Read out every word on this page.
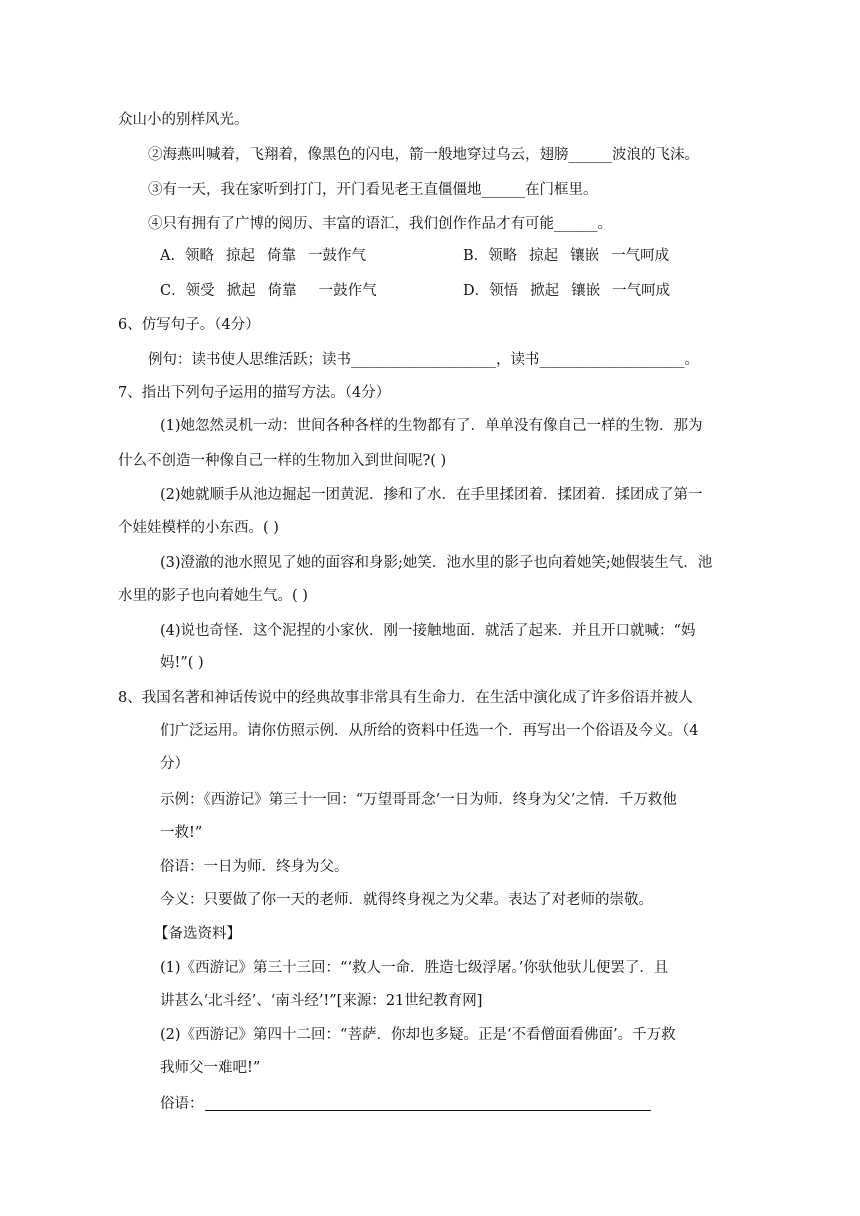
众山小的别样风光。
②海燕叫喊着，飞翔着，像黑色的闪电，箭一般地穿过乌云，翅膀______波浪的飞沫。
③有一天，我在家听到打门，开门看见老王直僵僵地______在门框里。
④只有拥有了广博的阅历、丰富的语汇，我们创作作品才有可能______。
A．领略 掠起 倚靠 一鼓作气	B．领略 掠起 镶嵌 一气呵成
C．领受 掀起 倚靠 一鼓作气	D．领悟 掀起 镶嵌 一气呵成
6、仿写句子。（4分）
例句：读书使人思维活跃；读书____________________，读书____________________。
7、指出下列句子运用的描写方法。（4分）
(1)她忽然灵机一动：世间各种各样的生物都有了．单单没有像自己一样的生物．那为
什么不创造一种像自己一样的生物加入到世间呢?( )
(2)她就顺手从池边掘起一团黄泥．掺和了水．在手里揉团着．揉团着．揉团成了第一
个娃娃模样的小东西。( )
(3)澄澈的池水照见了她的面容和身影;她笑．池水里的影子也向着她笑;她假装生气．池
水里的影子也向着她生气。( )
(4)说也奇怪．这个泥捏的小家伙．刚一接触地面．就活了起来．并且开口就喊：“妈
妈!”( )
8、我国名著和神话传说中的经典故事非常具有生命力．在生活中演化成了许多俗语并被人
们广泛运用。请你仿照示例．从所给的资料中任选一个．再写出一个俗语及今义。（4
分）
示例：《西游记》第三十一回：“万望哥哥念‘一日为师．终身为父’之情．千万救他
一救!”
俗语：一日为师．终身为父。
今义：只要做了你一天的老师．就得终身视之为父辈。表达了对老师的崇敬。
【备选资料】
(1)《西游记》第三十三回：“‘救人一命．胜造七级浮屠。’你驮他驮儿便罢了．且
讲甚么‘北斗经’、‘南斗经’!”[来源：21世纪教育网]
(2)《西游记》第四十二回：“菩萨．你却也多疑。正是‘不看僧面看佛面’。千万救
我师父一难吧!”
俗语：
